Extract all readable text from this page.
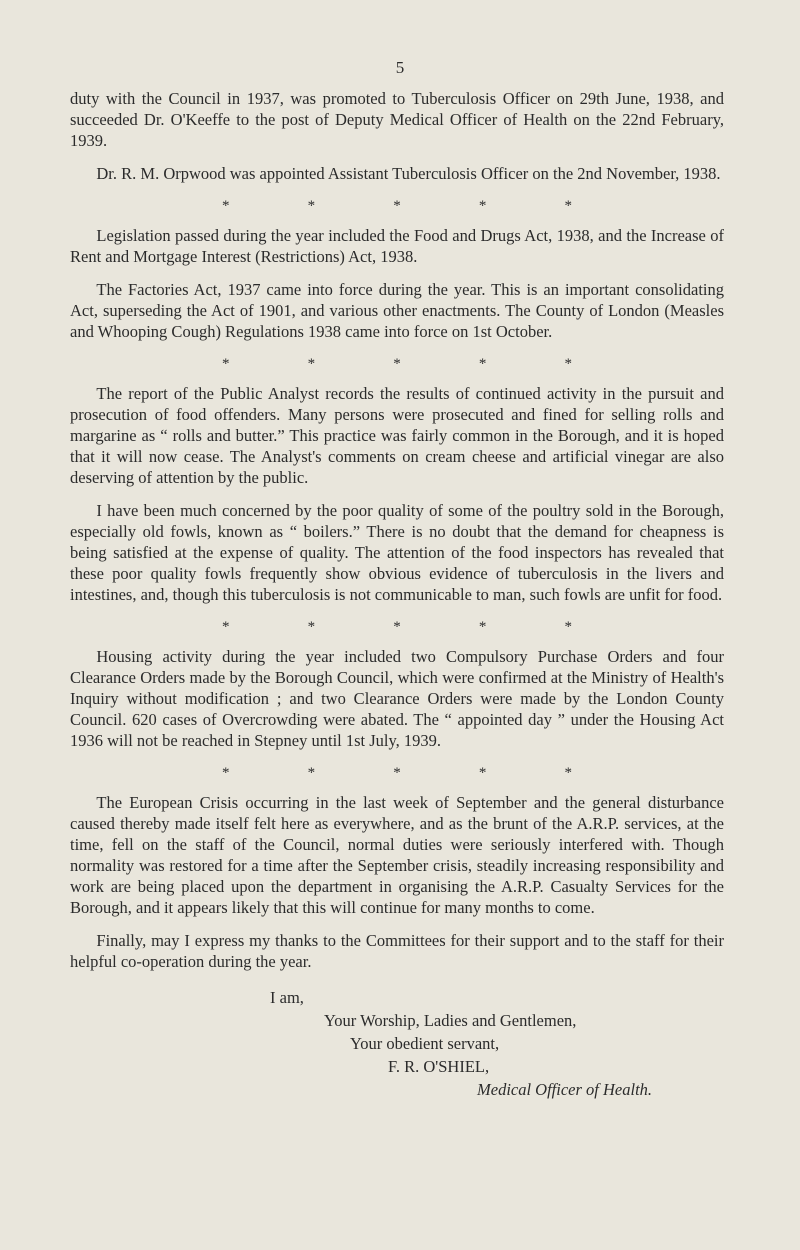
5

duty with the Council in 1937, was promoted to Tuberculosis Officer on 29th June, 1938, and succeeded Dr. O'Keeffe to the post of Deputy Medical Officer of Health on the 22nd February, 1939.

Dr. R. M. Orpwood was appointed Assistant Tuberculosis Officer on the 2nd November, 1938.

*	*	*	*	*

Legislation passed during the year included the Food and Drugs Act, 1938, and the Increase of Rent and Mortgage Interest (Restrictions) Act, 1938.

The Factories Act, 1937 came into force during the year. This is an important consolidating Act, superseding the Act of 1901, and various other enactments. The County of London (Measles and Whooping Cough) Regulations 1938 came into force on 1st October.

*	*	*	*	*

The report of the Public Analyst records the results of continued activity in the pursuit and prosecution of food offenders. Many persons were prosecuted and fined for selling rolls and margarine as “ rolls and butter.” This practice was fairly common in the Borough, and it is hoped that it will now cease. The Analyst's comments on cream cheese and artificial vinegar are also deserving of attention by the public.

I have been much concerned by the poor quality of some of the poultry sold in the Borough, especially old fowls, known as “ boilers.” There is no doubt that the demand for cheapness is being satisfied at the expense of quality. The attention of the food inspectors has revealed that these poor quality fowls frequently show obvious evidence of tuberculosis in the livers and intestines, and, though this tuberculosis is not communicable to man, such fowls are unfit for food.

*	*	*	*	*

Housing activity during the year included two Compulsory Purchase Orders and four Clearance Orders made by the Borough Council, which were confirmed at the Ministry of Health's Inquiry without modification ; and two Clearance Orders were made by the London County Council. 620 cases of Overcrowding were abated. The “ appointed day ” under the Housing Act 1936 will not be reached in Stepney until 1st July, 1939.

*	*	*	*	*

The European Crisis occurring in the last week of September and the general disturbance caused thereby made itself felt here as everywhere, and as the brunt of the A.R.P. services, at the time, fell on the staff of the Council, normal duties were seriously interfered with. Though normality was restored for a time after the September crisis, steadily increasing responsibility and work are being placed upon the department in organising the A.R.P. Casualty Services for the Borough, and it appears likely that this will continue for many months to come.

Finally, may I express my thanks to the Committees for their support and to the staff for their helpful co-operation during the year.

I am,
Your Worship, Ladies and Gentlemen,
Your obedient servant,
F. R. O'SHIEL,
Medical Officer of Health.
